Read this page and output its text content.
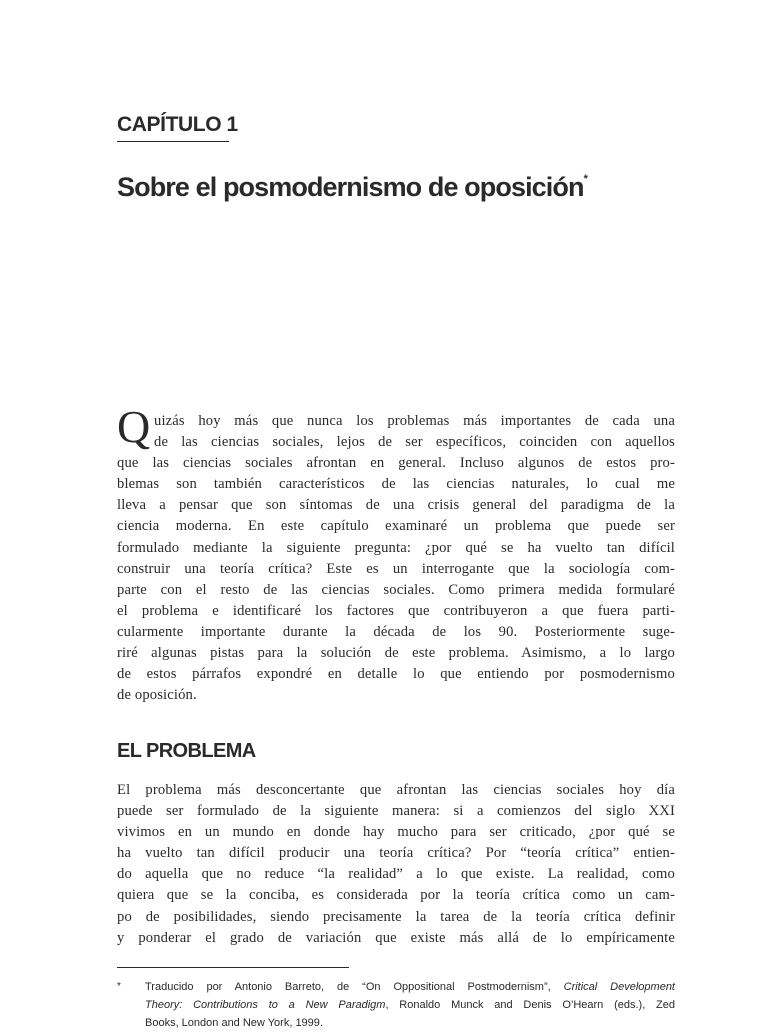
CAPÍTULO 1
Sobre el posmodernismo de oposición*
Q uizás hoy más que nunca los problemas más importantes de cada una
de las ciencias sociales, lejos de ser específicos, coinciden con aquellos
que las ciencias sociales afrontan en general. Incluso algunos de estos pro-
blemas son también característicos de las ciencias naturales, lo cual me
lleva a pensar que son síntomas de una crisis general del paradigma de la
ciencia moderna. En este capítulo examinaré un problema que puede ser
formulado mediante la siguiente pregunta: ¿por qué se ha vuelto tan difícil
construir una teoría crítica? Este es un interrogante que la sociología com-
parte con el resto de las ciencias sociales. Como primera medida formularé
el problema e identificaré los factores que contribuyeron a que fuera parti-
cularmente importante durante la década de los 90. Posteriormente suge-
riré algunas pistas para la solución de este problema. Asimismo, a lo largo
de estos párrafos expondré en detalle lo que entiendo por posmodernismo
de oposición.
EL PROBLEMA
El problema más desconcertante que afrontan las ciencias sociales hoy día
puede ser formulado de la siguiente manera: si a comienzos del siglo XXI
vivimos en un mundo en donde hay mucho para ser criticado, ¿por qué se
ha vuelto tan difícil producir una teoría crítica? Por “teoría crítica” entien-
do aquella que no reduce “la realidad” a lo que existe. La realidad, como
quiera que se la conciba, es considerada por la teoría crítica como un cam-
po de posibilidades, siendo precisamente la tarea de la teoría crítica definir
y ponderar el grado de variación que existe más allá de lo empíricamente
* Traducido por Antonio Barreto, de “On Oppositional Postmodernism”, Critical Development
Theory: Contributions to a New Paradigm, Ronaldo Munck and Denis O’Hearn (eds.), Zed
Books, London and New York, 1999.
